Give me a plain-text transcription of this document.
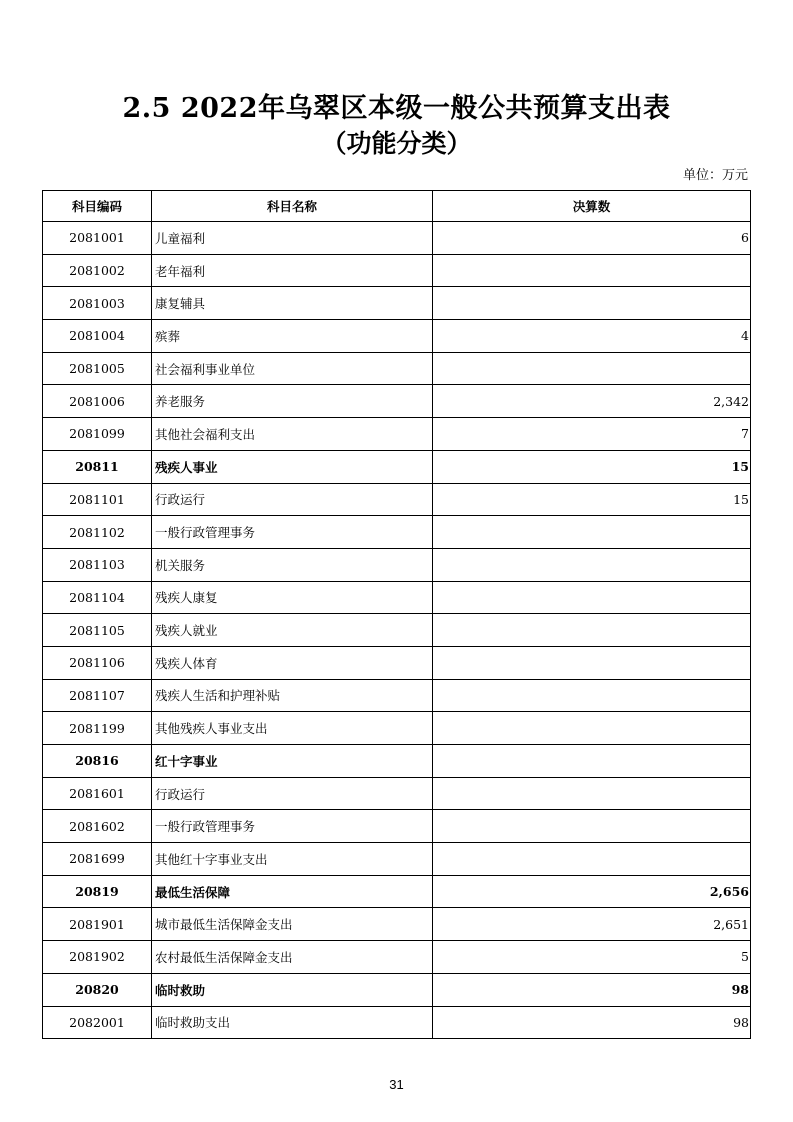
2.5 2022年乌翠区本级一般公共预算支出表
（功能分类）
单位：万元
科目编码	科目名称	决算数
2081001	儿童福利	6
2081002	老年福利	
2081003	康复辅具	
2081004	殡葬	4
2081005	社会福利事业单位	
2081006	养老服务	2,342
2081099	其他社会福利支出	7
20811	残疾人事业	15
2081101	行政运行	15
2081102	一般行政管理事务	
2081103	机关服务	
2081104	残疾人康复	
2081105	残疾人就业	
2081106	残疾人体育	
2081107	残疾人生活和护理补贴	
2081199	其他残疾人事业支出	
20816	红十字事业	
2081601	行政运行	
2081602	一般行政管理事务	
2081699	其他红十字事业支出	
20819	最低生活保障	2,656
2081901	城市最低生活保障金支出	2,651
2081902	农村最低生活保障金支出	5
20820	临时救助	98
2082001	临时救助支出	98
31
